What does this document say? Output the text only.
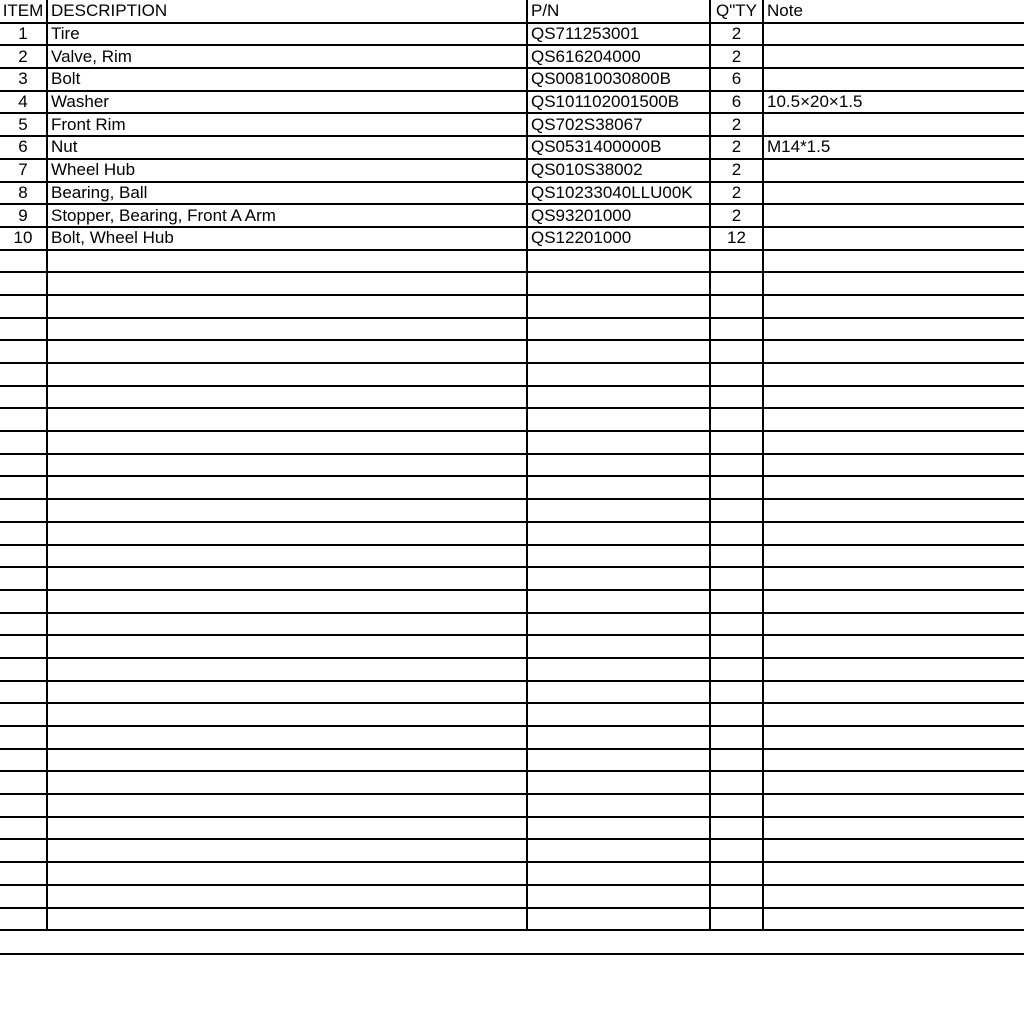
ITEM	DESCRIPTION	P/N	Q"TY	Note
1	Tire	QS711253001	2	
2	Valve, Rim	QS616204000	2	
3	Bolt	QS00810030800B	6	
4	Washer	QS101102001500B	6	10.5×20×1.5
5	Front Rim	QS702S38067	2	
6	Nut	QS0531400000B	2	M14*1.5
7	Wheel Hub	QS010S38002	2	
8	Bearing, Ball	QS10233040LLU00K	2	
9	Stopper, Bearing, Front A Arm	QS93201000	2	
10	Bolt, Wheel Hub	QS12201000	12	
